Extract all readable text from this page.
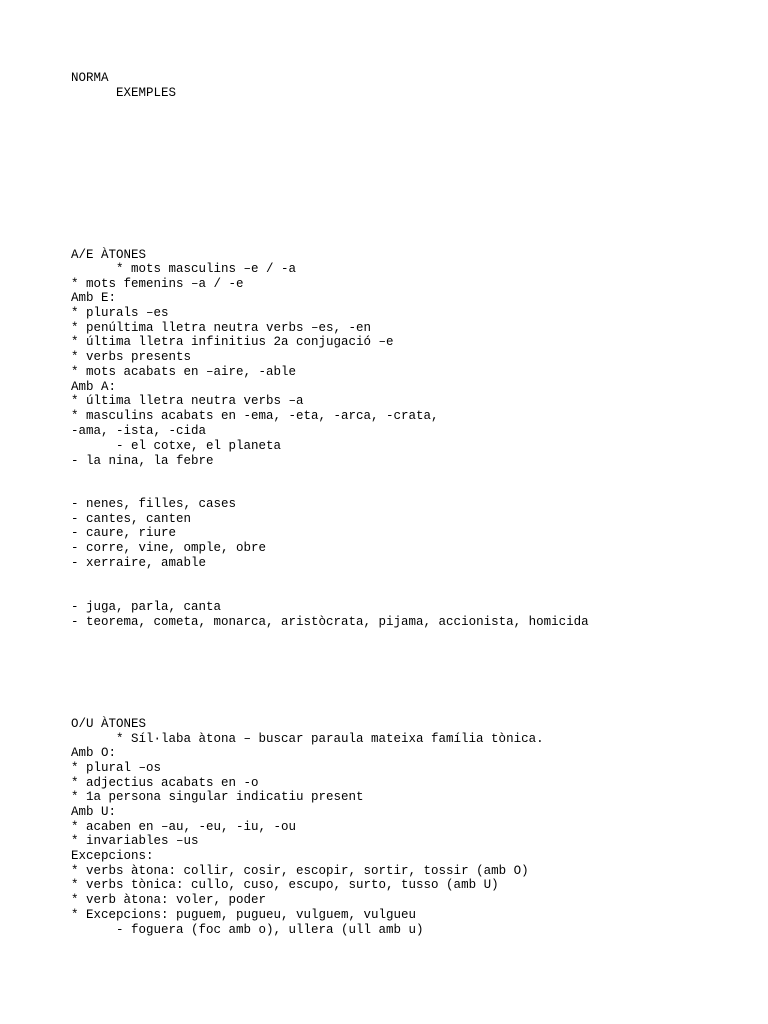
NORMA
EXEMPLES
A/E ÀTONES
* mots masculins –e / -a
* mots femenins –a / -e
Amb E:
* plurals –es
* penúltima lletra neutra verbs –es, -en
* última lletra infinitius 2a conjugació –e
* verbs presents
* mots acabats en –aire, -able
Amb A:
* última lletra neutra verbs –a
* masculins acabats en -ema, -eta, -arca, -crata,
-ama, -ista, -cida
- el cotxe, el planeta
- la nina, la febre
- nenes, filles, cases
- cantes, canten
- caure, riure
- corre, vine, omple, obre
- xerraire, amable
- juga, parla, canta
- teorema, cometa, monarca, aristòcrata, pijama, accionista, homicida
O/U ÀTONES
* Síl·laba àtona – buscar paraula mateixa família tònica.
Amb O:
* plural –os
* adjectius acabats en -o
* 1a persona singular indicatiu present
Amb U:
* acaben en –au, -eu, -iu, -ou
* invariables –us
Excepcions:
* verbs àtona: collir, cosir, escopir, sortir, tossir (amb O)
* verbs tònica: cullo, cuso, escupo, surto, tusso (amb U)
* verb àtona: voler, poder
* Excepcions: puguem, pugueu, vulguem, vulgueu
- foguera (foc amb o), ullera (ull amb u)
